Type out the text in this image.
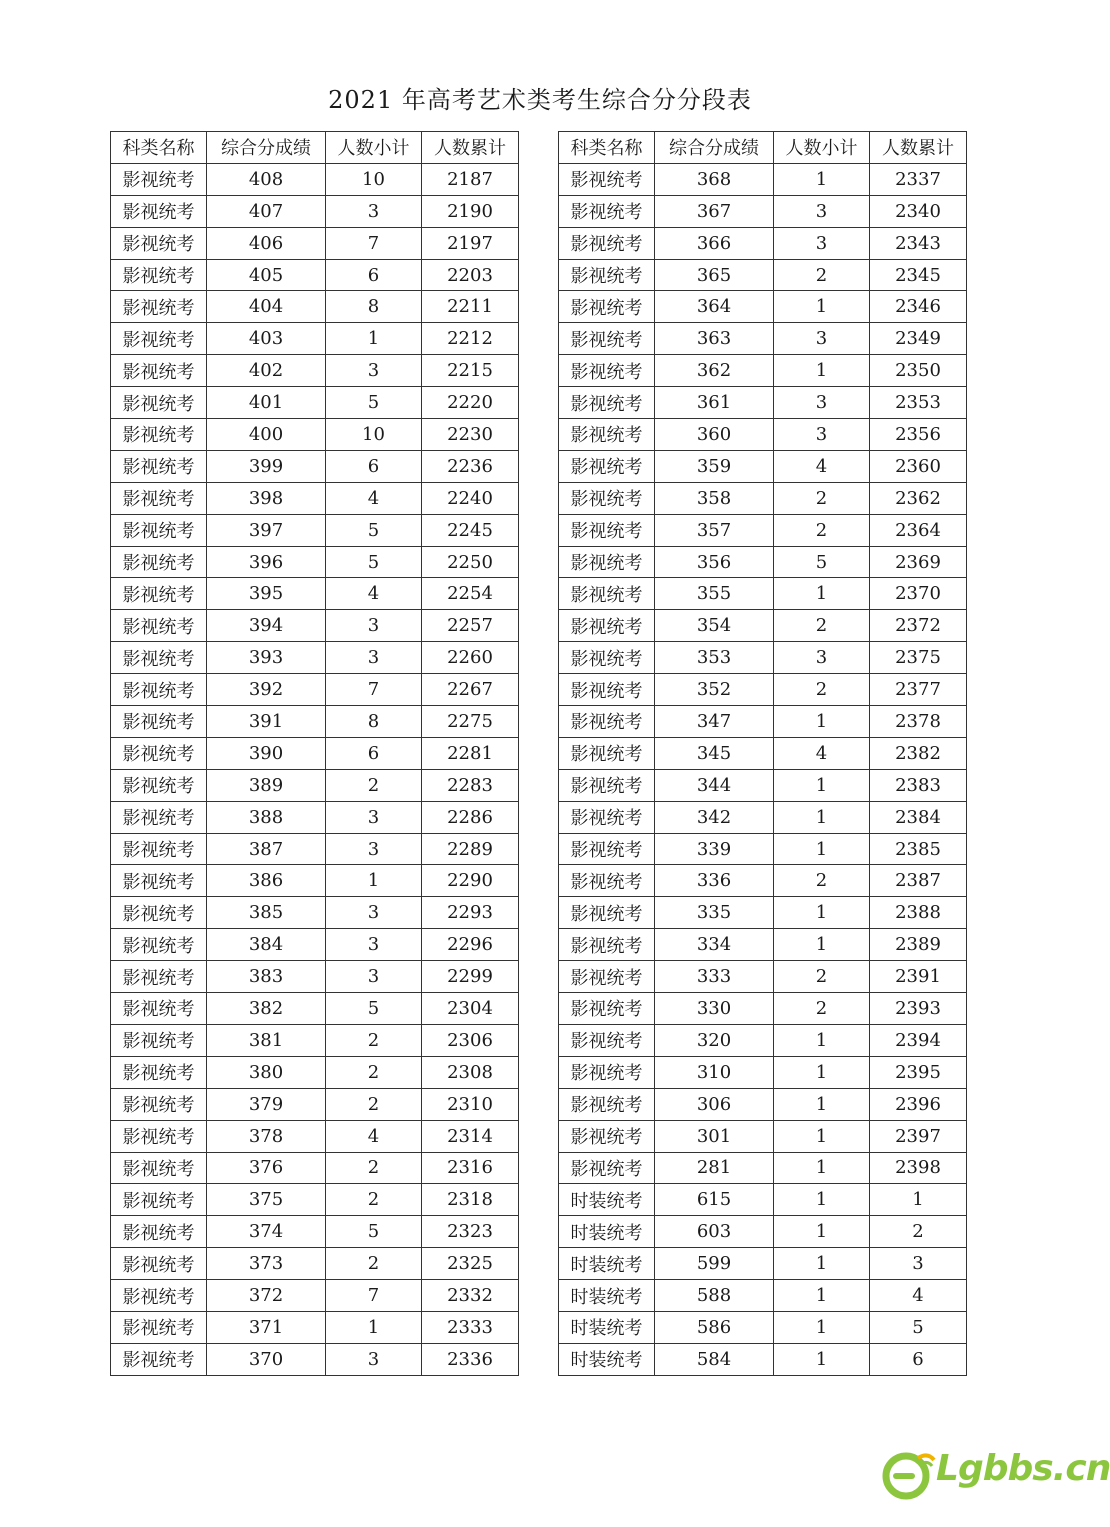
2021 年高考艺术类考生综合分分段表
科类名称	综合分成绩	人数小计	人数累计
影视统考	408	10	2187
影视统考	407	3	2190
影视统考	406	7	2197
影视统考	405	6	2203
影视统考	404	8	2211
影视统考	403	1	2212
影视统考	402	3	2215
影视统考	401	5	2220
影视统考	400	10	2230
影视统考	399	6	2236
影视统考	398	4	2240
影视统考	397	5	2245
影视统考	396	5	2250
影视统考	395	4	2254
影视统考	394	3	2257
影视统考	393	3	2260
影视统考	392	7	2267
影视统考	391	8	2275
影视统考	390	6	2281
影视统考	389	2	2283
影视统考	388	3	2286
影视统考	387	3	2289
影视统考	386	1	2290
影视统考	385	3	2293
影视统考	384	3	2296
影视统考	383	3	2299
影视统考	382	5	2304
影视统考	381	2	2306
影视统考	380	2	2308
影视统考	379	2	2310
影视统考	378	4	2314
影视统考	376	2	2316
影视统考	375	2	2318
影视统考	374	5	2323
影视统考	373	2	2325
影视统考	372	7	2332
影视统考	371	1	2333
影视统考	370	3	2336
科类名称	综合分成绩	人数小计	人数累计
影视统考	368	1	2337
影视统考	367	3	2340
影视统考	366	3	2343
影视统考	365	2	2345
影视统考	364	1	2346
影视统考	363	3	2349
影视统考	362	1	2350
影视统考	361	3	2353
影视统考	360	3	2356
影视统考	359	4	2360
影视统考	358	2	2362
影视统考	357	2	2364
影视统考	356	5	2369
影视统考	355	1	2370
影视统考	354	2	2372
影视统考	353	3	2375
影视统考	352	2	2377
影视统考	347	1	2378
影视统考	345	4	2382
影视统考	344	1	2383
影视统考	342	1	2384
影视统考	339	1	2385
影视统考	336	2	2387
影视统考	335	1	2388
影视统考	334	1	2389
影视统考	333	2	2391
影视统考	330	2	2393
影视统考	320	1	2394
影视统考	310	1	2395
影视统考	306	1	2396
影视统考	301	1	2397
影视统考	281	1	2398
时装统考	615	1	1
时装统考	603	1	2
时装统考	599	1	3
时装统考	588	1	4
时装统考	586	1	5
时装统考	584	1	6
Lgbbs.cn
